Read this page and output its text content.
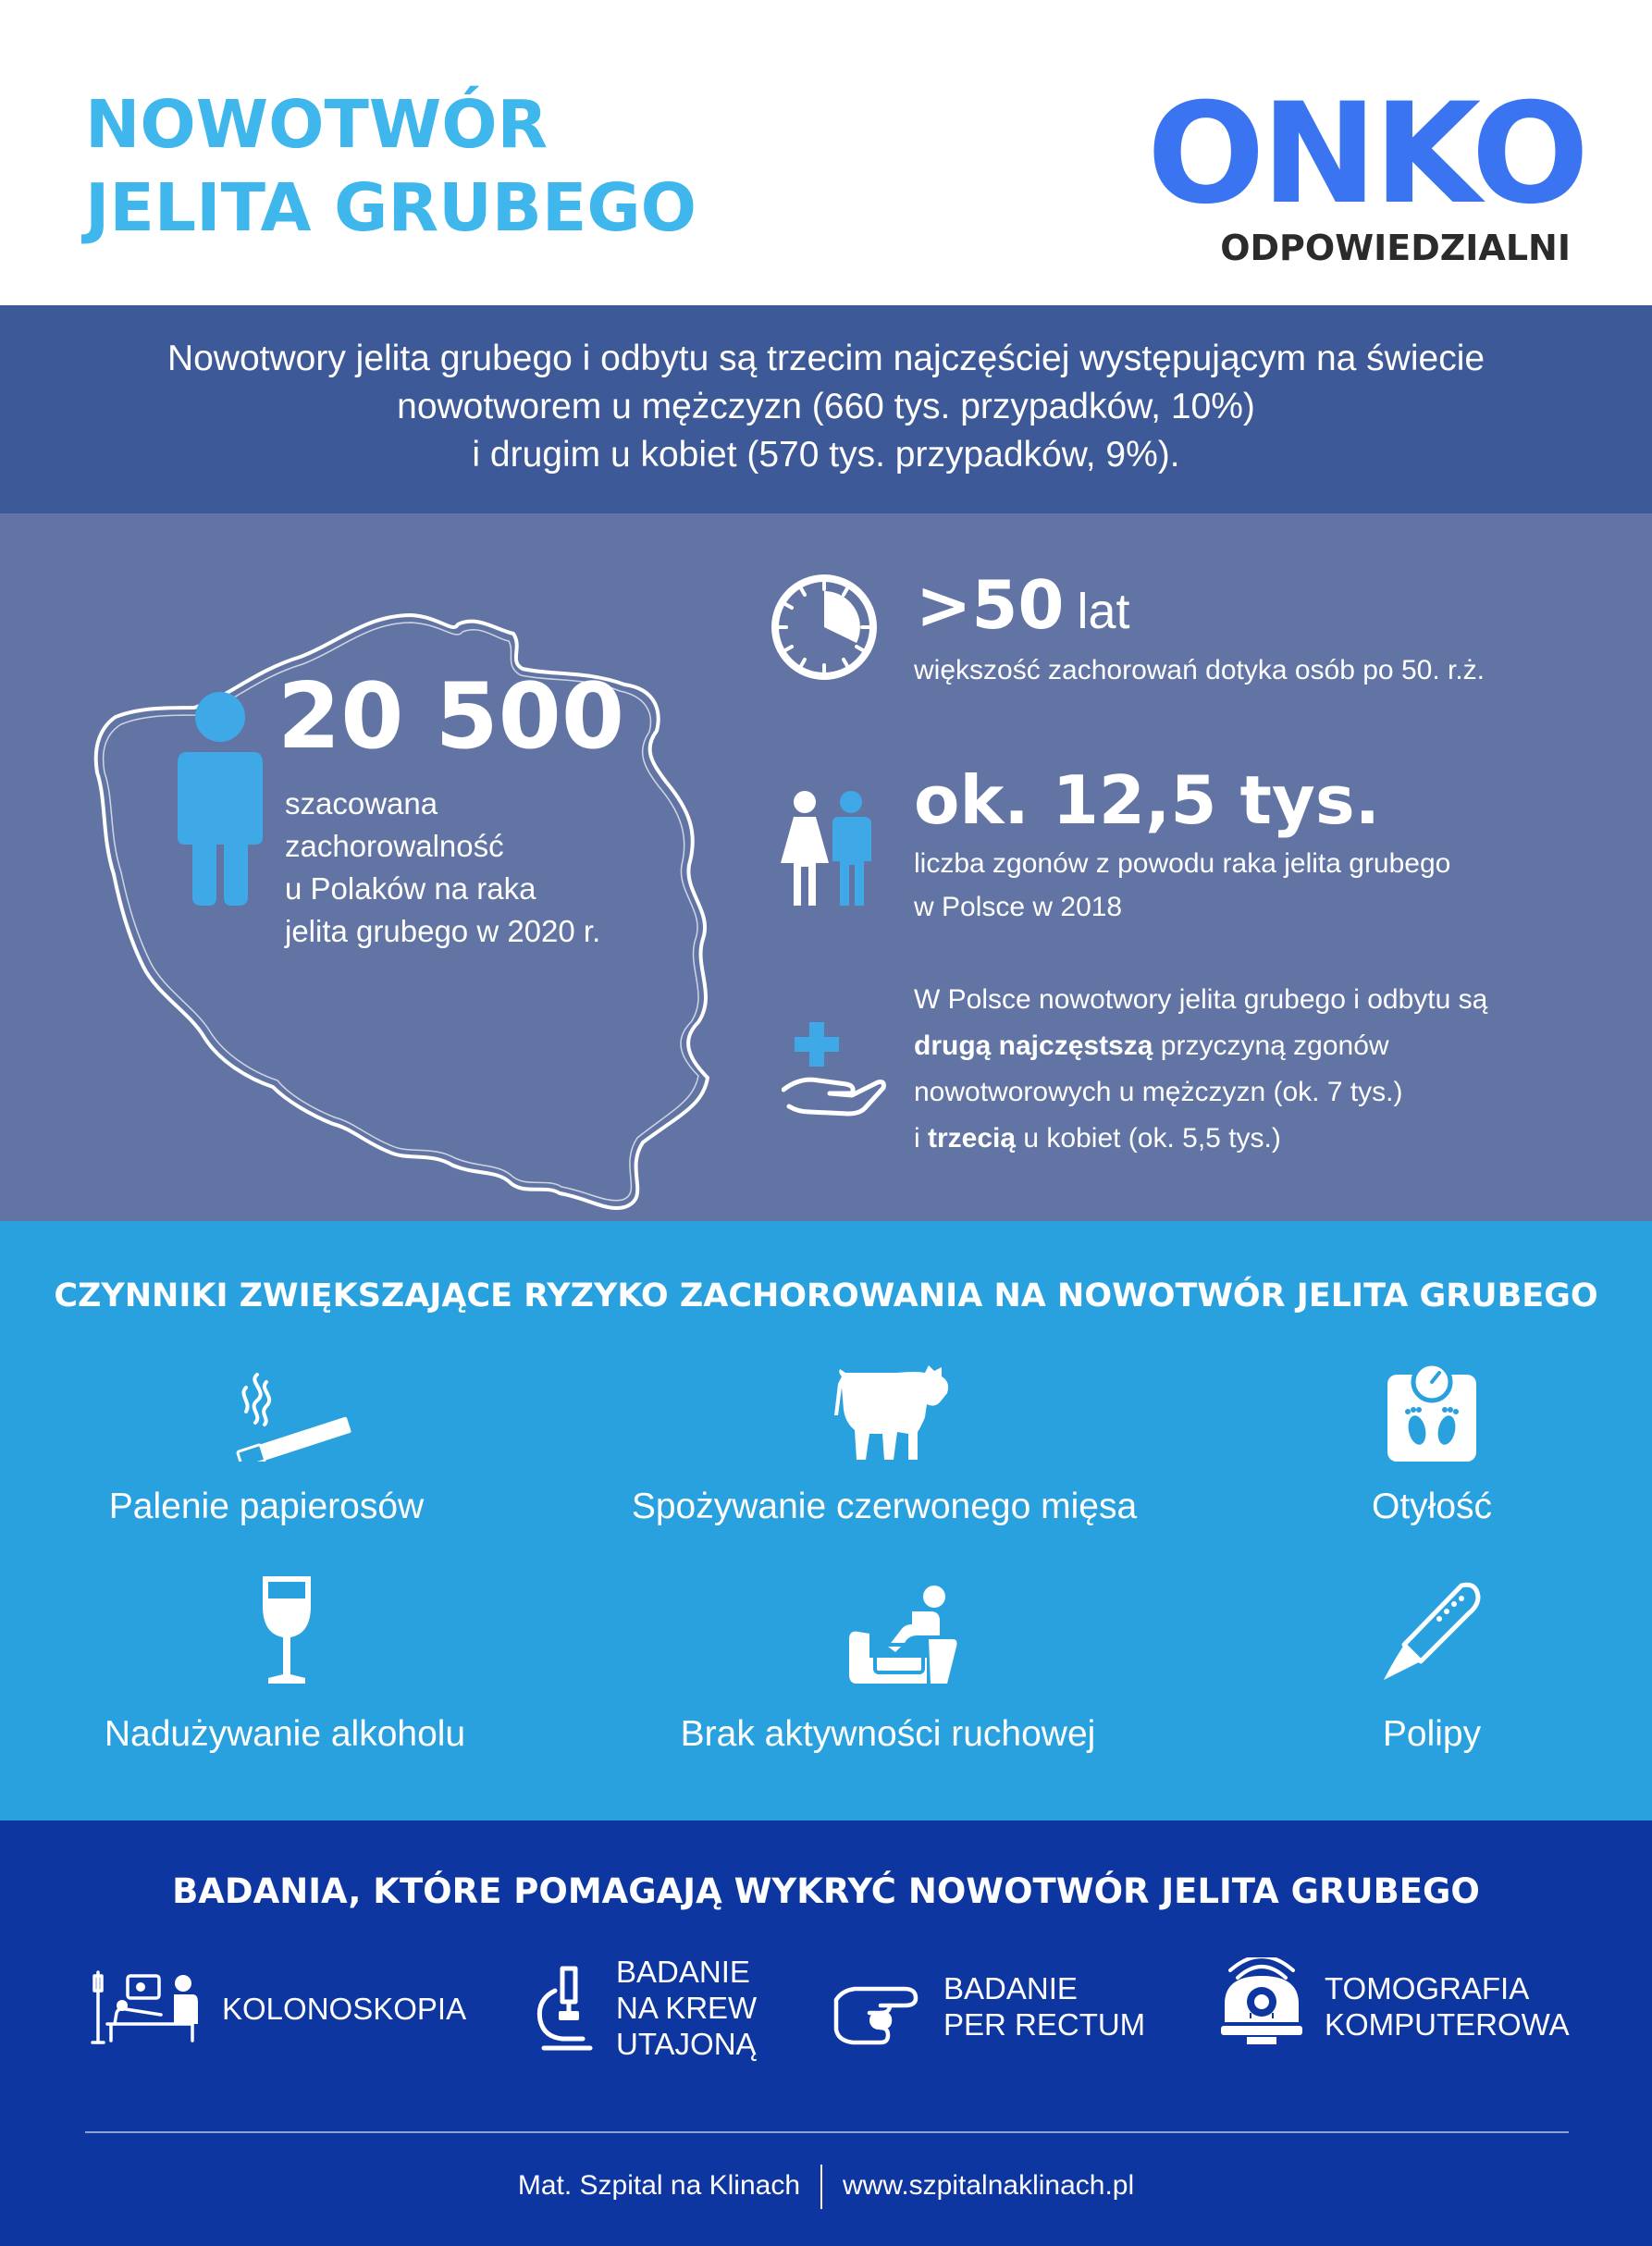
NOWOTWÓR
JELITA GRUBEGO	ONKO
ODPOWIEDZIALNI
Nowotwory jelita grubego i odbytu są trzecim najczęściej występującym na świecie
nowotworem u mężczyzn (660 tys. przypadków, 10%)
i drugim u kobiet (570 tys. przypadków, 9%).
20 500
szacowana
zachorowalność
u Polaków na raka
jelita grubego w 2020 r.
>50 lat
większość zachorowań dotyka osób po 50. r.ż.
ok. 12,5 tys.
liczba zgonów z powodu raka jelita grubego
w Polsce w 2018
W Polsce nowotwory jelita grubego i odbytu są
drugą najczęstszą przyczyną zgonów
nowotworowych u mężczyzn (ok. 7 tys.)
i trzecią u kobiet (ok. 5,5 tys.)
CZYNNIKI ZWIĘKSZAJĄCE RYZYKO ZACHOROWANIA NA NOWOTWÓR JELITA GRUBEGO
Palenie papierosów	Spożywanie czerwonego mięsa	Otyłość
Nadużywanie alkoholu	Brak aktywności ruchowej	Polipy
BADANIA, KTÓRE POMAGAJĄ WYKRYĆ NOWOTWÓR JELITA GRUBEGO
KOLONOSKOPIA
BADANIE
NA KREW
UTAJONĄ
BADANIE
PER RECTUM
TOMOGRAFIA
KOMPUTEROWA
Mat. Szpital na Klinach www.szpitalnaklinach.pl
